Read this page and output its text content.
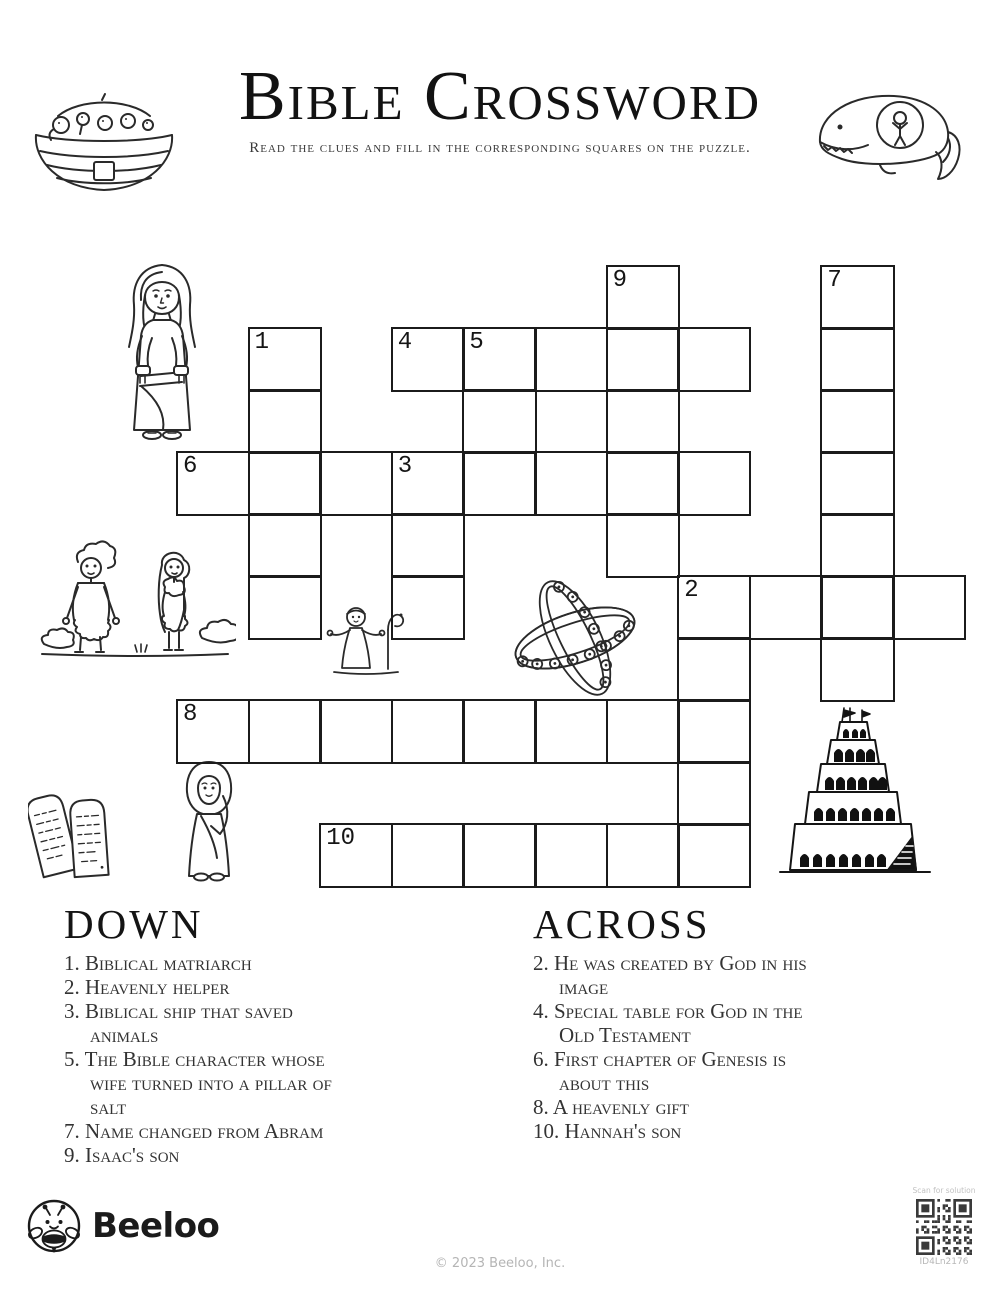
Bible Crossword
Read the clues and fill in the corresponding squares on the puzzle.
9	7
1	4 5
6	3
2
8
10
DOWN
1. Biblical matriarch
2. Heavenly helper
3. Biblical ship that saved
animals
5. The Bible character whose
wife turned into a pillar of
salt
7. Name changed from Abram
9. Isaac's son
ACROSS
2. He was created by God in his
image
4. Special table for God in the
Old Testament
6. First chapter of Genesis is
about this
8. A heavenly gift
10. Hannah's son
Beeloo
© 2023 Beeloo, Inc.
Scan for solution
ID4Ln2176
